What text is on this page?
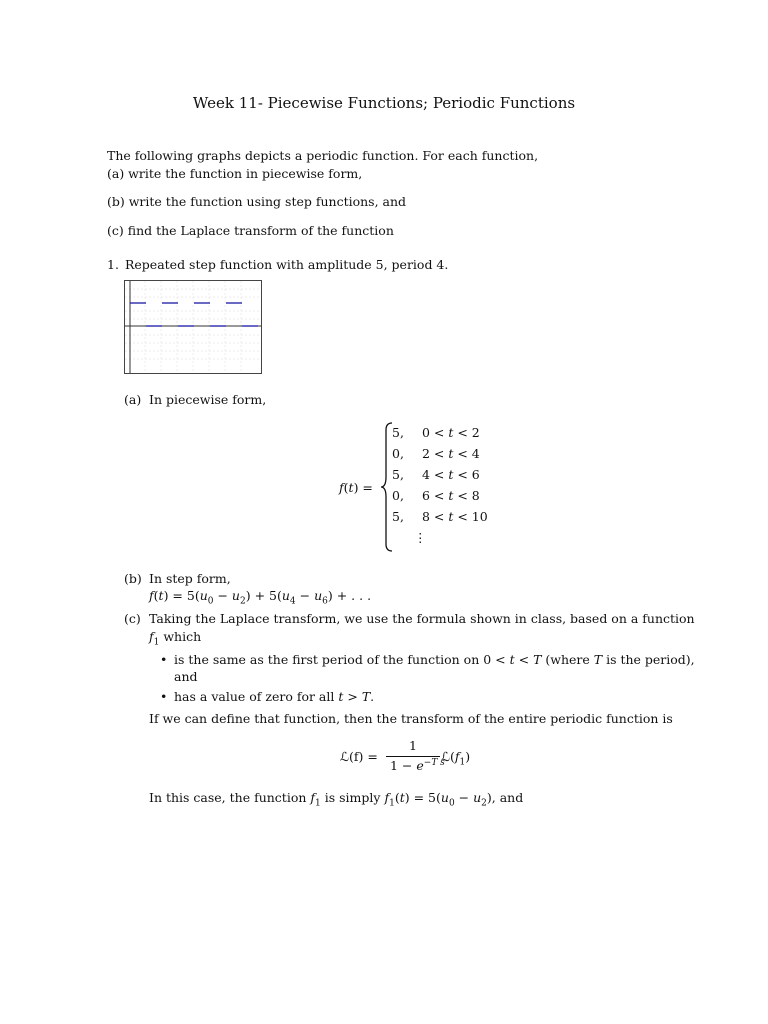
Week 11- Piecewise Functions; Periodic Functions
The following graphs depicts a periodic function. For each function,
(a) write the function in piecewise form,
(b) write the function using step functions, and
(c) find the Laplace transform of the function
1. Repeated step function with amplitude 5, period 4.
(a) In piecewise form,
f(t) =
5, 0 < t < 2
0, 2 < t < 4
5, 4 < t < 6
0, 6 < t < 8
5, 8 < t < 10
⋮
(b) In step form,
$f(t) = 5(u_0 - u_2) + 5(u_4 - u_6)$ + . . .
(c) Taking the Laplace transform, we use the formula shown in class, based on a function
$f_1$ which
• is the same as the first period of the function on 0 < t < T (where T is the period),
and
• has a value of zero for all t > T.
If we can define that function, then the transform of the entire periodic function is
ℒ(f) =
1
$1 - e^{-T s}$
$ℒ(f_1)$
In this case, the function $f_1$ is simply $f_1(t) = 5(u_0 - u_2)$, and
